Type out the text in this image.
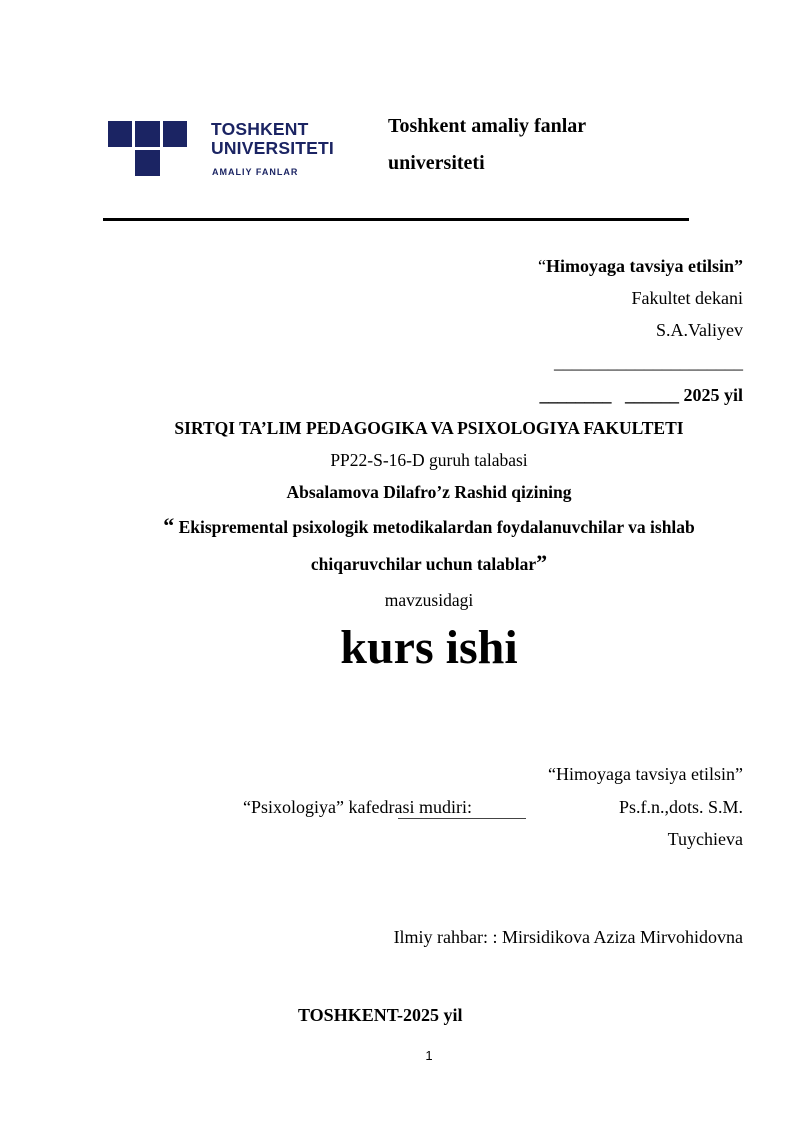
TOSHKENT
UNIVERSITETI
AMALIY FANLAR
Toshkent amaliy fanlar
universiteti
“Himoyaga tavsiya etilsin”
Fakultet dekani
S.A.Valiyev
_____________________
________ ______ 2025 yil
SIRTQI TA’LIM PEDAGOGIKA VA PSIXOLOGIYA FAKULTETI
PP22-S-16-D guruh talabasi
Absalamova Dilafro’z Rashid qizining
“ Ekispremental psixologik metodikalardan foydalanuvchilar va ishlab
chiqaruvchilar uchun talablar”
mavzusidagi
kurs ishi
“Himoyaga tavsiya etilsin”
“Psixologiya” kafedrasi mudiri:	Ps.f.n.,dots. S.M.
Tuychieva
Ilmiy rahbar: : Mirsidikova Aziza Mirvohidovna
TOSHKENT-2025 yil
1
